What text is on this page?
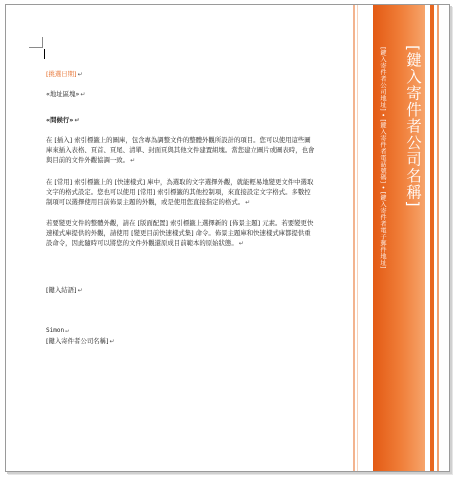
[挑選日期]↵
«地址區塊»↵
«問候行»↵
在 [插入] 索引標籤上的圖庫，包含專為調整文件的整體外觀所設計的項目。您可以使用這些圖
庫來插入表格、頁首、頁尾、清單、封面頁與其他文件建置組塊。當您建立圖片或圖表時，也會
與目前的文件外觀協調一致。↵
在 [常用] 索引標籤上的 [快速樣式] 庫中，為選取的文字選擇外觀，就能輕易地變更文件中選取
文字的格式設定。您也可以使用 [常用] 索引標籤的其他控制項，來直接設定文字格式。多數控
制項可以選擇使用目前佈景主題的外觀，或是使用您直接指定的格式。↵
若要變更文件的整體外觀，請在 [版面配置] 索引標籤上選擇新的 [佈景主題] 元素。若要變更快
速樣式庫提供的外觀，請使用 [變更目前快速樣式集] 命令。佈景主題庫和快速樣式庫都提供重
設命令，因此隨時可以將您的文件外觀還原成目前範本的原始狀態。↵
[鍵入結語]↵
Simon↵
[鍵入寄件者公司名稱]↵
[鍵入寄件者公司名稱]
[鍵入寄件者公司地址] • [鍵入寄件者電話號碼] • [鍵入寄件者電子郵件地址]
